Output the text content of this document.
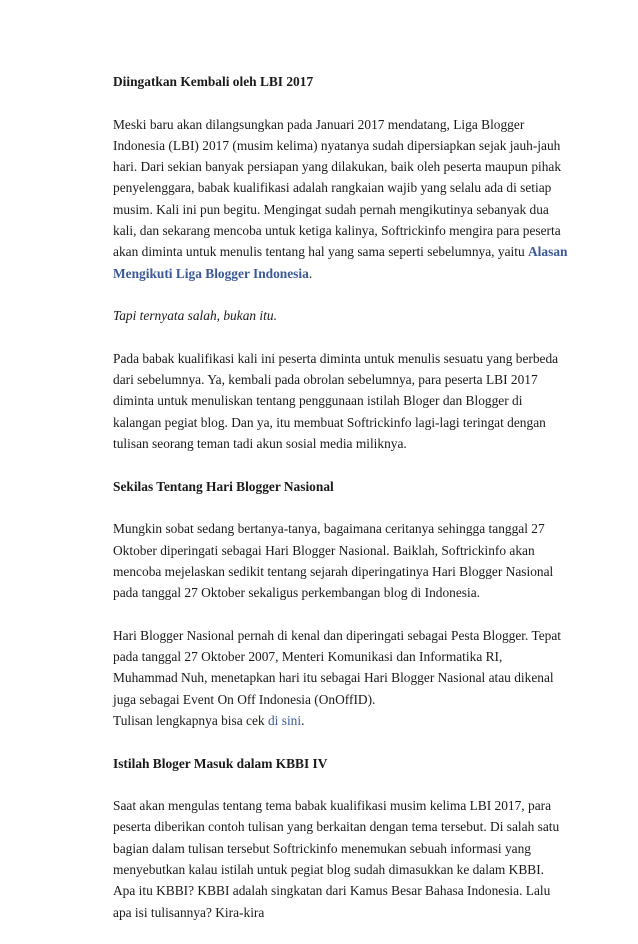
Diingatkan Kembali oleh LBI 2017

Meski baru akan dilangsungkan pada Januari 2017 mendatang, Liga Blogger Indonesia (LBI) 2017 (musim kelima) nyatanya sudah dipersiapkan sejak jauh-jauh hari. Dari sekian banyak persiapan yang dilakukan, baik oleh peserta maupun pihak penyelenggara, babak kualifikasi adalah rangkaian wajib yang selalu ada di setiap musim. Kali ini pun begitu. Mengingat sudah pernah mengikutinya sebanyak dua kali, dan sekarang mencoba untuk ketiga kalinya, Softrickinfo mengira para peserta akan diminta untuk menulis tentang hal yang sama seperti sebelumnya, yaitu Alasan Mengikuti Liga Blogger Indonesia.

Tapi ternyata salah, bukan itu.

Pada babak kualifikasi kali ini peserta diminta untuk menulis sesuatu yang berbeda dari sebelumnya. Ya, kembali pada obrolan sebelumnya, para peserta LBI 2017 diminta untuk menuliskan tentang penggunaan istilah Bloger dan Blogger di kalangan pegiat blog. Dan ya, itu membuat Softrickinfo lagi-lagi teringat dengan tulisan seorang teman tadi akun sosial media miliknya.

Sekilas Tentang Hari Blogger Nasional

Mungkin sobat sedang bertanya-tanya, bagaimana ceritanya sehingga tanggal 27 Oktober diperingati sebagai Hari Blogger Nasional. Baiklah, Softrickinfo akan mencoba mejelaskan sedikit tentang sejarah diperingatinya Hari Blogger Nasional pada tanggal 27 Oktober sekaligus perkembangan blog di Indonesia.

Hari Blogger Nasional pernah di kenal dan diperingati sebagai Pesta Blogger. Tepat pada tanggal 27 Oktober 2007, Menteri Komunikasi dan Informatika RI, Muhammad Nuh, menetapkan hari itu sebagai Hari Blogger Nasional atau dikenal juga sebagai Event On Off Indonesia (OnOffID).

Tulisan lengkapnya bisa cek di sini.

Istilah Bloger Masuk dalam KBBI IV

Saat akan mengulas tentang tema babak kualifikasi musim kelima LBI 2017, para peserta diberikan contoh tulisan yang berkaitan dengan tema tersebut. Di salah satu bagian dalam tulisan tersebut Softrickinfo menemukan sebuah informasi yang menyebutkan kalau istilah untuk pegiat blog sudah dimasukkan ke dalam KBBI. Apa itu KBBI? KBBI adalah singkatan dari Kamus Besar Bahasa Indonesia. Lalu apa isi tulisannya? Kira-kira
